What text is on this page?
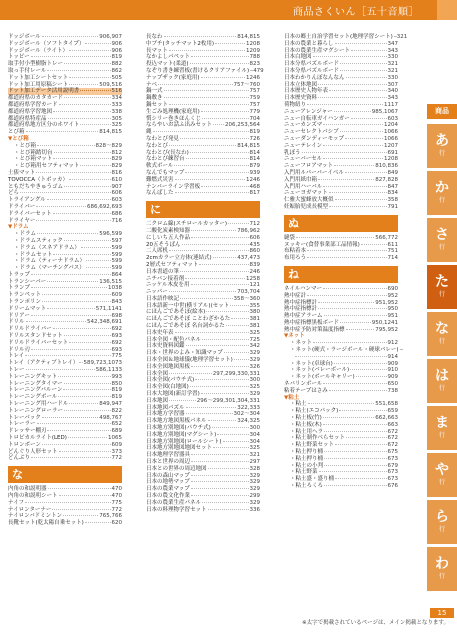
商品さくいん［五十音順］
ドッジボール	906,907
ドッジボール（ソフトタイプ）	906
ドッジボール（ライト）	906
トッピー	819
取手付小型樹脂トレー	882
取っ手付レール	862
ドット加工シートセット	505
ドット加工用原稿シート	509,516
ドット加工データ活用説明書	516
都道府県のカタカード	334
都道府県学習カード	333
都道府県学習地図	338
都道府県特産品	305
都道府県地方区分のホワイト	325
とび箱	814,815
▼とび箱
・とび箱	828～829
・とび箱踏切台	812
・とび箱マット	829
・とび箱用セフティマット	829
土俵マット	816
TOVOCCA（トボッカ）	610
ともだちやきゅうゴム	907
どら	606
トライアングル	603
ドライバー	686,692,693
ドライバーセット	686
ドライヤー	716
▼ドラム
・ドラム	596,599
・ドラムスティック	597
・ドラム（スネアドラム）	599
・ドラムセット	599
・ドラム（ティーナドラム）	599
・ドラム（マーチングパス）	599
トラップ	864
トランシーバー	136,515
トランプ	1038
トランペット	609
トランポリン	843
ドリームマット	571,1141
ドリアー	698
ドリル	542,348,691
ドリルドライバー	692
ドリルスタンドセット	693
ドリルドライバーセット	692
ドリル刃	693
トレイ	775
トレイ（アクティブトレイ） 589,723,1073
トレー	586,1133
トレーニングキット	993
トレーニングタイマー	850
トレーニングバルーン	819
トレーニングボール	819
トレーニング用ハードル	849,947
トレーニングローラー	822
トレーパック	498,767
トレーラー	652
ドレッサー棚刃	689
トロピカルライト(LED)	1065
トロンボーン	609
どんぐり人形セット	373
どんぶり	772
な
内角の和説明器	470
内角の和説明シート	470
ナイフ	775
ナイロンターナー	772
ナイロンバドミントン	765,766
長靴セット(乾太陽自乗セット)	620
長なわ	814,815
中ブチ(タッチマット2枚用)	1208
長マット	1209
なかよしパペット	788
投込マット(柔道)	823
なぞり書き練習板(書けるクリアファイル) 479
ナップザック(家庭用)	1246
ナベ	757～760
鍋一式	757
鍋敷き	759
鍋セット	757
生ごみ処理機(家庭用)	779
慣シリー巻きほんくじ	704
ならやいお話ふ出みセット 206,253,564
縄	819
なわとび発見	726
なわとび	814,815
なわとび(長なわ)	814
なわとび練習台	814
軟式ボール	879
なんでもマップ	939
難燃式災害	1246
ナンバーライン学習板	468
なんばした	817
に
二クロム線(スチロールカッター)	712
二酸化炭素検知器	786,962
にしいち五人作品	606
20五そうばん	435
二人席机	860
2cmカラー立方体(連結式)	437,473
2層式セフティマット	839
日本書道の筆	246
ニチバン接着剤	1258
ニッケル木皮を用	121
ニッパー	703,704
日本語作映記	358～360
日本語新一中世(横リアル)(セット	355
にほんごであそぼ(絵本)	380
にほんごであそぼ ことわざかるた	381
にほんごであそぼ 名台詞かるた	381
日本史年表	325
日本全図・配色パネル	725
日本史資料図鑑	342
日本・世界のよみ・知識マップ	329
日本全図＆地球儀(地理学習セット)	329
日本全図地図黒板	326
日本全図	297,299,330,331
日本全図(パウチ式)	300
日本全図(白地図)	325
日本大地図(新訂学習)	329
日本地図	296～299,301,304,331
日本地図パズル	322,333
日本地方学習器	302～304
日本地方地図黒板パネル	324,325
日本地方別地図(パウチ式)	300
日本地方別地図(マグシート)	304
日本地方別地図(ロールシート)	304
日本地方別地図地図セット	325
日本地理学習器具	321
日本と世界の周辺	297
日本との世界の周辺地図	328
日本の森山マップ	329
日本の地勢マップ	329
日本の農業マップ	329
日本の農文化作業	299
日本の農業生産パネル	329
日本の料理物学習セット	336
日本の郷土自治学習セット(地理学習シート) 321
日本の農業と暮らし	347
日本の農業生産マグシート	343
日本白地図	330
日本分県パズルボード	321
日本分県パズルボード	321
日本わかりんぼなんなん	330
日本立体地図	307
日本歴史人物年表	340
日本歴史資料	343
荷物紐り	1117
ニューアレンジャー	985,1067
ニュー自転車ガイハンガー	603
ニューカンズマ	1204
ニューセレクトパシブ	1066
ニューダンディーモップ	1066
ニューテレイン	1207
乳ぼう	691
ニューバーセル	1208
ニューフロアマット	810,836
入門用ルバーバーイベル	849
入門用紙巾箱	827,828
入門用ハーバル	847
ニューヨガマット	834
仁雅大蜜蜂放大概似	358
妊娠胎児成長模型	791
ぬ
縫袋	566,772
ヌッキー(食替事業部工品情報)	611
布粘着本	751
布用ろう	714
ね
ネイルハンマー	690
熱中症計	952
熱中症指標計	951,952
熱中症指標計	950
熱中症アラーム	951
熱中症指標黒板ボード	950,1241
熱中症予防対策温度指標	795,952
▼ネット
・ネット	912
・ネット(硬式・ラージボール・硬球バレー)
914
・ネット(卓球台)	909
・ネット(バレーボール)	910
・ネット(ボールキャリー)	909
ネバリンボール	650
粘着テープはさみ	738
▼粘土
・粘土	551,658
・粘土(エコパック)	659
・粘土板(竹)	662,663
・粘土板(木)	663
・粘土用ヘラ	672
・粘土制作ベらセット	672
・粘土野菜セット	672
・粘土押り桶	675
・粘土押り桶	673
・粘土の小判	679
・粘土野菜	673
・粘土盛・盛り桶	673
・粘土ろくろ	676
商品
あ
行
か
行
さ
行
た
行
な
行
は
行
ま
行
や
行
ら
行
わ
行
※太字で掲載されているページは、メイン掲載となります。
15
